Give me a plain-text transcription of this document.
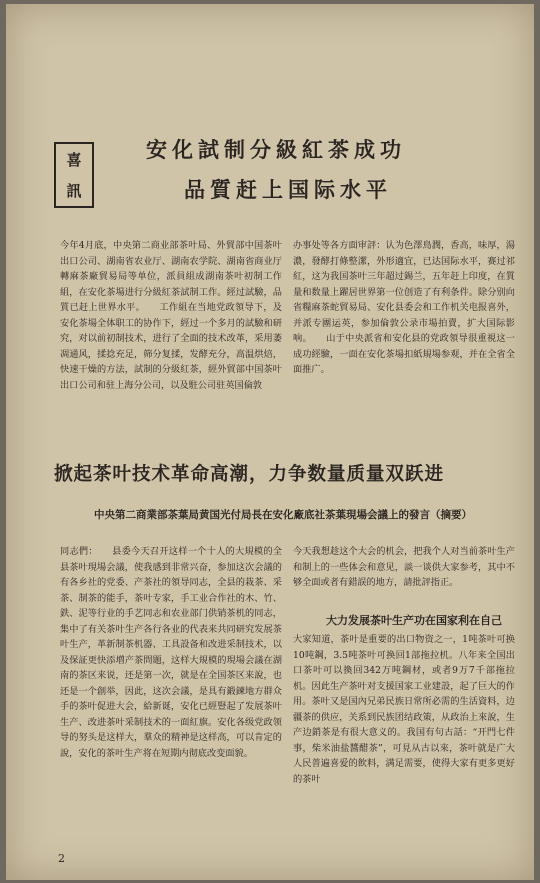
喜
訊
安化試制分級紅茶成功
品質赶上国际水平
今年4月底，中央第二商业部茶叶局、外貿部中国茶叶出口公司、湖南省农业厅、湖南农学院、湖南省商业厅轉麻茶廠貿易局等单位，派員組成湖南茶叶初制工作組，在安化茶場进行分級紅茶試制工作。經过試驗，品質已赶上世界水平。　　工作組在当地党政領导下，及安化茶場全体职工的协作下，經过一个多月的試驗和研究，对以前初制技术，进行了全面的技术改革，采用萎凋通风，揉捻充足，筛分复揉，发酵充分，高温烘焙，快速干燥的方法，試制的分級紅茶，經外貿部中国茶叶出口公司和驻上海分公司，以及駐公司驻英国倫敦
办事处等各方面审評：认为色澤鳥潤，香高，味厚，湯濃，發酵打條整潔，外形適宜，已达国际水平，赛过祁紅，这为我国茶叶三年超过錫兰，五年赶上印度，在質量和数量上躍居世界第一位创造了有利条件。除分别向省糧麻茶蛇貿易局、安化县委会和工作机关电报喜外，并派专團运英，参加倫敦公录市場拍賣，扩大国际影响。　　山于中央派省和安化县的党政領导很重視这一成功經驗，一面在安化茶場扣紙規場参观，并在全省全面推广。
掀起茶叶技术革命高潮，力争数量质量双跃进
中央第二商業部茶葉局黄国光付局長在安化廠底社茶葉現場会議上的發言（摘要）
同志們：　　县委今天召开这样一个十人的大規模的全县茶叶現場会議，使我感到非常兴奋，参加这次会議的有各乡社的党委、产茶社的領导同志，全县的栽茶、采茶、制茶的能手，茶叶专家，手工业合作社的木、竹、鉄、泥等行业的手艺同志和农业部门供销茶机的同志，集中了有关茶叶生产各行各业的代表来共同研究发展茶叶生产，革新制茶机器、工具設备和改进采制技术，以及保証更快添増产茶問題，这样大規模的現場会議在湖南的茶区来说，还是第一次，就是在全国茶区来說，也还是一个創举，因此，这次会議，是具有鍛鍊地方群众手的茶叶促进大会，給新诞，安化已經豎起了发展茶叶生产、改进茶叶采制技术的一面紅旗。安化各级党政领导的努头是这样大，羣众的精神是这样高，可以肯定的說，安化的茶叶生产将在短期内彻底改变面貌。
今天我想趁这个大会的机会，把我个人对当前茶叶生产和制上的一些体会和意见，談一谈供大家参考，其中不够全面或者有錯誤的地方，請批評指正。
大力发展茶叶生产功在国家利在自己
大家知道，茶叶是重要的出口物资之一，1吨茶叶可换10吨鋼，3.5吨茶叶可换回1部拖拉机。八年来全国出口茶叶可以換回342万吨鋼材，或者9万7千部拖拉机。因此生产茶叶对支援国家工业建設，起了巨大的作用。茶叶又是国內兄弟民族日常所必需的生活資料，边疆茶的供应，关系到民族团结政策，从政治上來說，生产边銷茶是有很大意义的。我国有句古話：“开門七件事，柴米油盐醬醋茶”，可見从古以來，茶叶就是广大人民普遍喜爱的飲料，满足需要，使得大家有更多更好的茶叶
2
